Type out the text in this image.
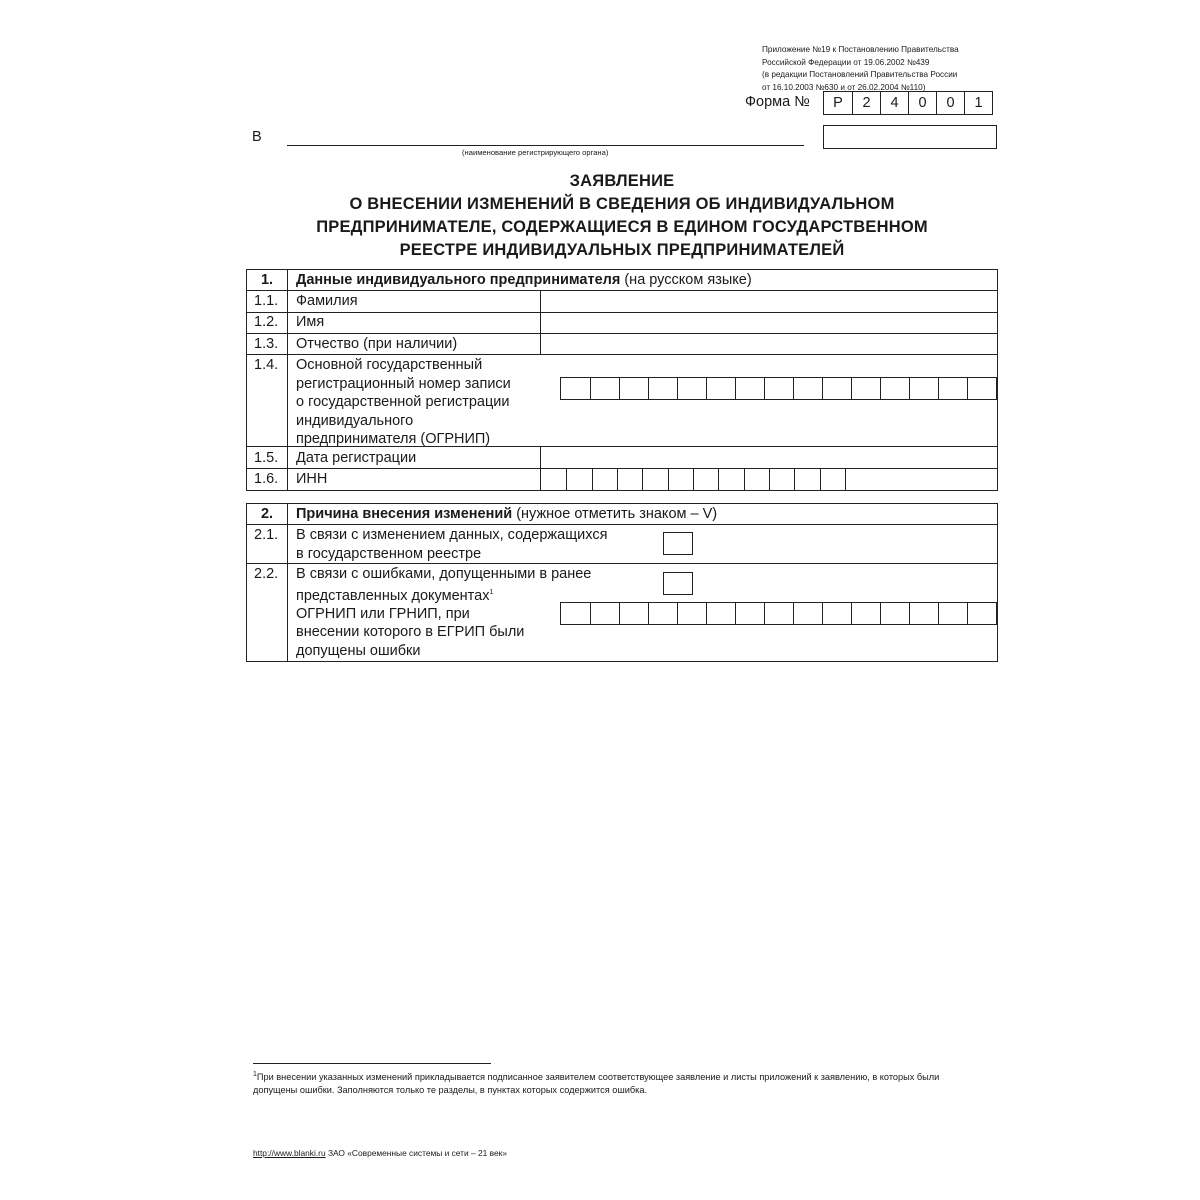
Приложение №19 к Постановлению Правительства
Российской Федерации от 19.06.2002 №439
(в редакции Постановлений Правительства России
от 16.10.2003 №630 и от 26.02.2004 №110)
Форма №	Р	2	4	0	0	1
В
(наименование регистрирующего органа)
ЗАЯВЛЕНИЕ
О ВНЕСЕНИИ ИЗМЕНЕНИЙ В СВЕДЕНИЯ ОБ ИНДИВИДУАЛЬНОМ
ПРЕДПРИНИМАТЕЛЕ, СОДЕРЖАЩИЕСЯ В ЕДИНОМ ГОСУДАРСТВЕННОМ
РЕЕСТРЕ ИНДИВИДУАЛЬНЫХ ПРЕДПРИНИМАТЕЛЕЙ
1.	Данные индивидуального предпринимателя (на русском языке)
1.1. Фамилия
1.2. Имя
1.3. Отчество (при наличии)
1.4. Основной государственный
регистрационный номер записи
о государственной регистрации
индивидуального
предпринимателя (ОГРНИП)
1.5. Дата регистрации
1.6. ИНН
2.	Причина внесения изменений (нужное отметить знаком – V)
2.1. В связи с изменением данных, содержащихся
в государственном реестре
2.2. В связи с ошибками, допущенными в ранее
представленных документах$^1$
ОГРНИП или ГРНИП, при
внесении которого в ЕГРИП были
допущены ошибки
$^1$При внесении указанных изменений прикладывается подписанное заявителем соответствующее заявление и листы приложений к заявлению, в которых были допущены ошибки. Заполняются только те разделы, в пунктах которых содержится ошибка.
http://www.blanki.ru ЗАО «Современные системы и сети – 21 век»
